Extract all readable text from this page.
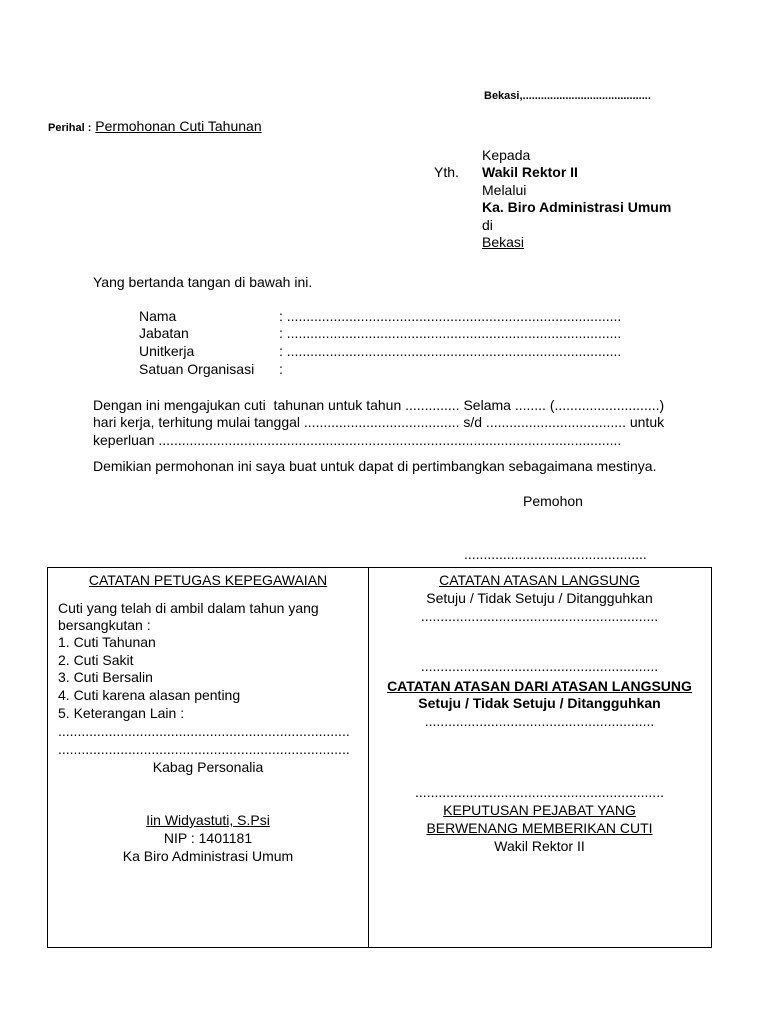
Bekasi,..........................................
Perihal : Permohonan Cuti Tahunan
Kepada
Yth. Wakil Rektor II
Melalui
Ka. Biro Administrasi Umum
di
Bekasi
Yang bertanda tangan di bawah ini.
Nama	: ......................................................................................
Jabatan	: ......................................................................................
Unitkerja	: ......................................................................................
Satuan Organisasi :
Dengan ini mengajukan cuti  tahunan untuk tahun .............. Selama ........ (...........................)
hari kerja, terhitung mulai tanggal ........................................ s/d .................................... untuk
keperluan .......................................................................................................................
Demikian permohonan ini saya buat untuk dapat di pertimbangkan sebagaimana mestinya.
Pemohon
...............................................
CATATAN PETUGAS KEPEGAWAIAN
Cuti yang telah di ambil dalam tahun yang
bersangkutan :
1. Cuti Tahunan
2. Cuti Sakit
3. Cuti Bersalin
4. Cuti karena alasan penting
5. Keterangan Lain :
...........................................................................
...........................................................................
Kabag Personalia
Iin Widyastuti, S.Psi
NIP : 1401181
Ka Biro Administrasi Umum
CATATAN ATASAN LANGSUNG
Setuju / Tidak Setuju / Ditangguhkan
.............................................................
.............................................................
CATATAN ATASAN DARI ATASAN LANGSUNG
Setuju / Tidak Setuju / Ditangguhkan
...........................................................
................................................................
KEPUTUSAN PEJABAT YANG
BERWENANG MEMBERIKAN CUTI
Wakil Rektor II
